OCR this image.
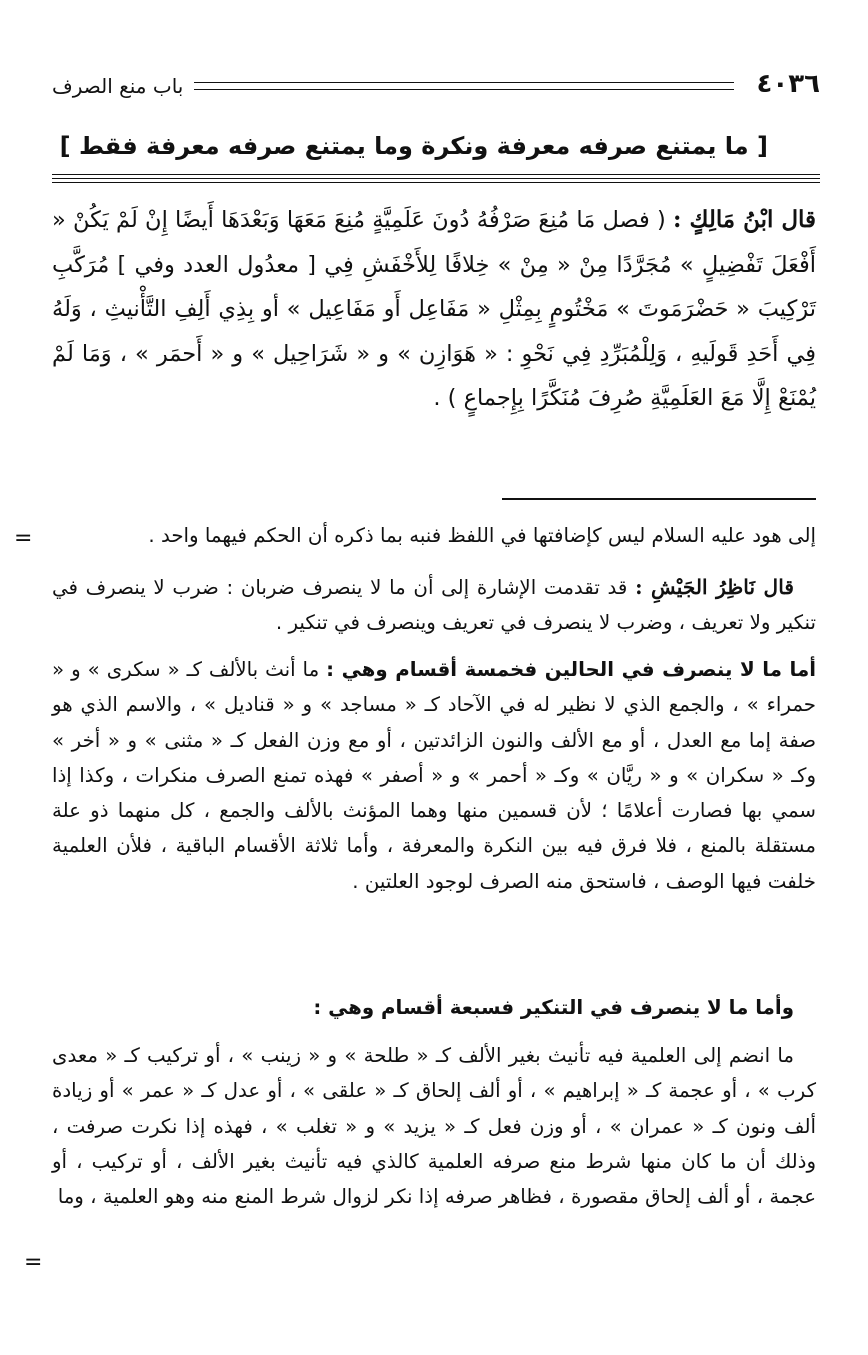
٤٠٣٦
باب منع الصرف
[ ما يمتنع صرفه معرفة ونكرة وما يمتنع صرفه معرفة فقط ]
قال ابْنُ مَالِكٍ : ( فصل مَا مُنِعَ صَرْفُهُ دُونَ عَلَمِيَّةٍ مُنِعَ مَعَهَا وَبَعْدَهَا أَيضًا إِنْ لَمْ يَكُنْ « أَفْعَلَ تَفْضِيلٍ » مُجَرَّدًا مِنْ « مِنْ » خِلافًا لِلأَخْفَشِ فِي [ معدُول العدد وفي ] مُرَكَّبِ تَرْكِيبَ « حَضْرَمَوتَ » مَخْتُومٍ بِمِثْلِ « مَفَاعِل أَو مَفَاعِيل » أو بِذِي أَلِفِ التَّأْنيثِ ، وَلَهُ فِي أَحَدِ قَولَيهِ ، وَلِلْمُبَرِّدِ فِي نَحْوِ : « هَوَازِن » و « شَرَاحِيل » و « أَحمَر » ، وَمَا لَمْ يُمْنَعْ إِلَّا مَعَ العَلَمِيَّةِ صُرِفَ مُنَكَّرًا بِإِجماعٍ ) .
=
=
إلى هود عليه السلام ليس كإضافتها في اللفظ فنبه بما ذكره أن الحكم فيهما واحد .
قال نَاظِرُ الجَيْشِ : قد تقدمت الإشارة إلى أن ما لا ينصرف ضربان : ضرب لا ينصرف في تنكير ولا تعريف ، وضرب لا ينصرف في تعريف وينصرف في تنكير .
أما ما لا ينصرف في الحالين فخمسة أقسام وهي : ما أنث بالألف كـ « سكرى » و « حمراء » ، والجمع الذي لا نظير له في الآحاد كـ « مساجد » و « قناديل » ، والاسم الذي هو صفة إما مع العدل ، أو مع الألف والنون الزائدتين ، أو مع وزن الفعل كـ « مثنى » و « أخر » وكـ « سكران » و « ريَّان » وكـ « أحمر » و « أصفر » فهذه تمنع الصرف منكرات ، وكذا إذا سمي بها فصارت أعلامًا ؛ لأن قسمين منها وهما المؤنث بالألف والجمع ، كل منهما ذو علة مستقلة بالمنع ، فلا فرق فيه بين النكرة والمعرفة ، وأما ثلاثة الأقسام الباقية ، فلأن العلمية خلفت فيها الوصف ، فاستحق منه الصرف لوجود العلتين .
وأما ما لا ينصرف في التنكير فسبعة أقسام وهي :
ما انضم إلى العلمية فيه تأنيث بغير الألف كـ « طلحة » و « زينب » ، أو تركيب كـ « معدى كرب » ، أو عجمة كـ « إبراهيم » ، أو ألف إلحاق كـ « علقى » ، أو عدل كـ « عمر » أو زيادة ألف ونون كـ « عمران » ، أو وزن فعل كـ « يزيد » و « تغلب » ، فهذه إذا نكرت صرفت ، وذلك أن ما كان منها شرط منع صرفه العلمية كالذي فيه تأنيث بغير الألف ، أو تركيب ، أو عجمة ، أو ألف إلحاق مقصورة ، فظاهر صرفه إذا نكر لزوال شرط المنع منه وهو العلمية ، وما
